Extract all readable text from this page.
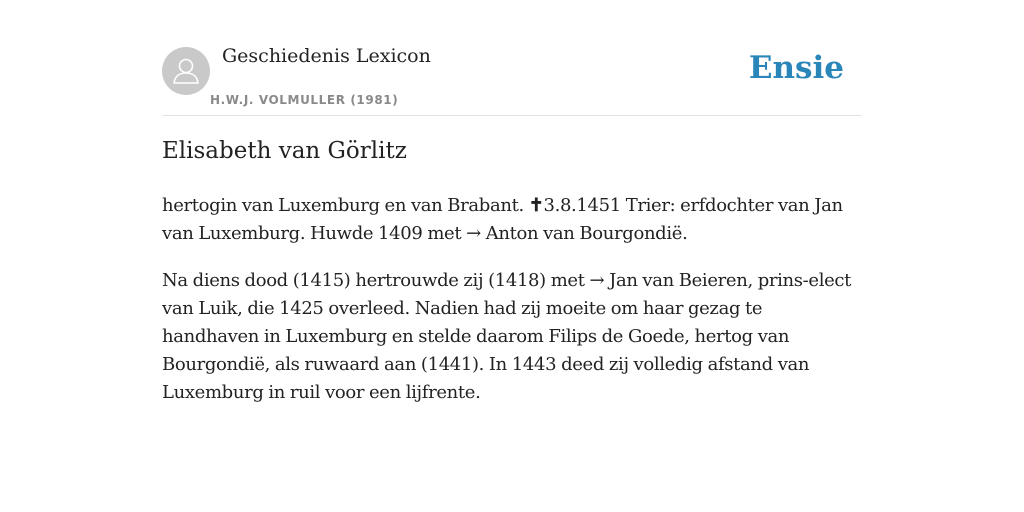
Geschiedenis Lexicon
H.W.J. VOLMULLER (1981)
Ensie
Elisabeth van Görlitz

hertogin van Luxemburg en van Brabant. ✝3.8.1451 Trier: erfdochter van Jan van Luxemburg. Huwde 1409 met → Anton van Bourgondië.

Na diens dood (1415) hertrouwde zij (1418) met → Jan van Beieren, prins-elect van Luik, die 1425 overleed. Nadien had zij moeite om haar gezag te handhaven in Luxemburg en stelde daarom Filips de Goede, hertog van Bourgondië, als ruwaard aan (1441). In 1443 deed zij volledig afstand van Luxemburg in ruil voor een lijfrente.
